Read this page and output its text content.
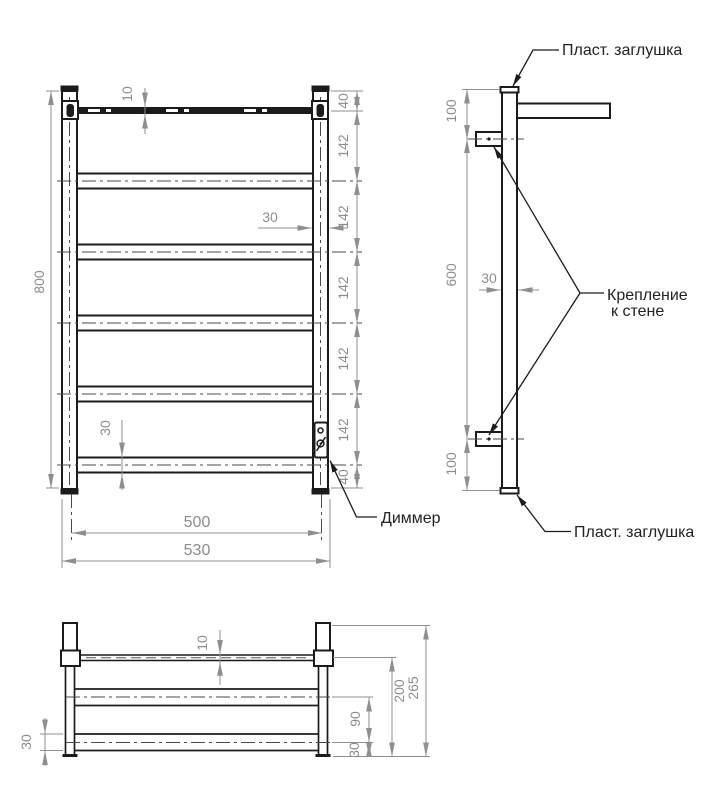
800
40
142
142
142
142
142
40
10
30
30
500
530
Диммер
100
600
100
30
Пласт. заглушка
Пласт. заглушка
Крепление
к стене
10
30
90
30
200
265
